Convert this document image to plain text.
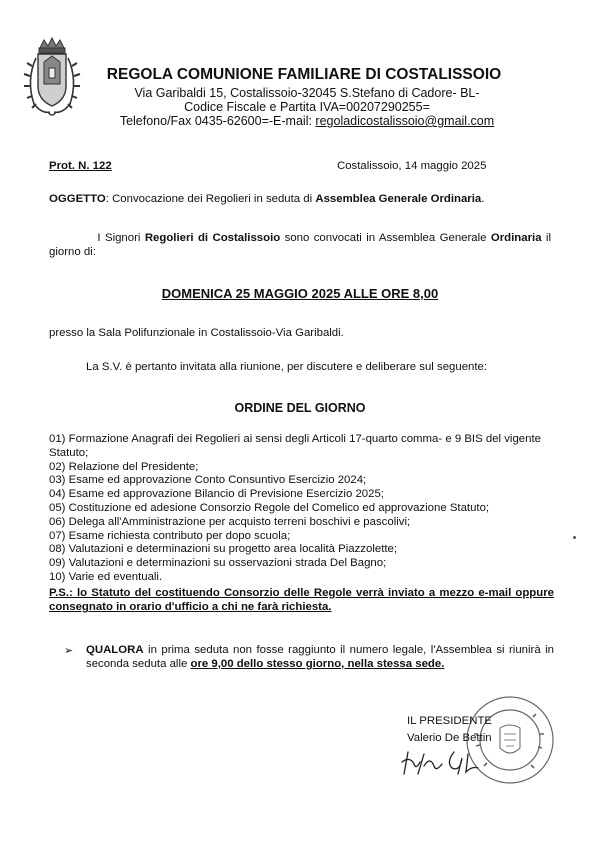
REGOLA COMUNIONE FAMILIARE DI COSTALISSOIO
Via Garibaldi 15, Costalissoio-32045 S.Stefano di Cadore- BL-
Codice Fiscale e Partita IVA=00207290255=
Telefono/Fax 0435-62600=-E-mail: regoladicostalissoio@gmail.com
Prot. N. 122	Costalissoio, 14 maggio 2025
OGGETTO: Convocazione dei Regolieri in seduta di Assemblea Generale Ordinaria.
I Signori Regolieri di Costalissoio sono convocati in Assemblea Generale Ordinaria il
giorno di:
DOMENICA 25 MAGGIO 2025 ALLE ORE 8,00
presso la Sala Polifunzionale in Costalissoio-Via Garibaldi.
La S.V. è pertanto invitata alla riunione, per discutere e deliberare sul seguente:
ORDINE DEL GIORNO
01) Formazione Anagrafi dei Regolieri ai sensi degli Articoli 17-quarto comma- e 9 BIS del vigente
Statuto;
02) Relazione del Presidente;
03) Esame ed approvazione Conto Consuntivo Esercizio 2024;
04) Esame ed approvazione Bilancio di Previsione Esercizio 2025;
05) Costituzione ed adesione Consorzio Regole del Comelico ed approvazione Statuto;
06) Delega all'Amministrazione per acquisto terreni boschivi e pascolivi;
07) Esame richiesta contributo per dopo scuola;
08) Valutazioni e determinazioni su progetto area località Piazzolette;
09) Valutazioni e determinazioni su osservazioni strada Del Bagno;
10) Varie ed eventuali.
P.S.: lo Statuto del costituendo Consorzio delle Regole verrà inviato a mezzo e-mail oppure
consegnato in orario d'ufficio a chi ne farà richiesta.
➢ QUALORA in prima seduta non fosse raggiunto il numero legale, l'Assemblea si riunirà in
seconda seduta alle ore 9,00 dello stesso giorno, nella stessa sede.
IL PRESIDENTE
Valerio De Bettin
